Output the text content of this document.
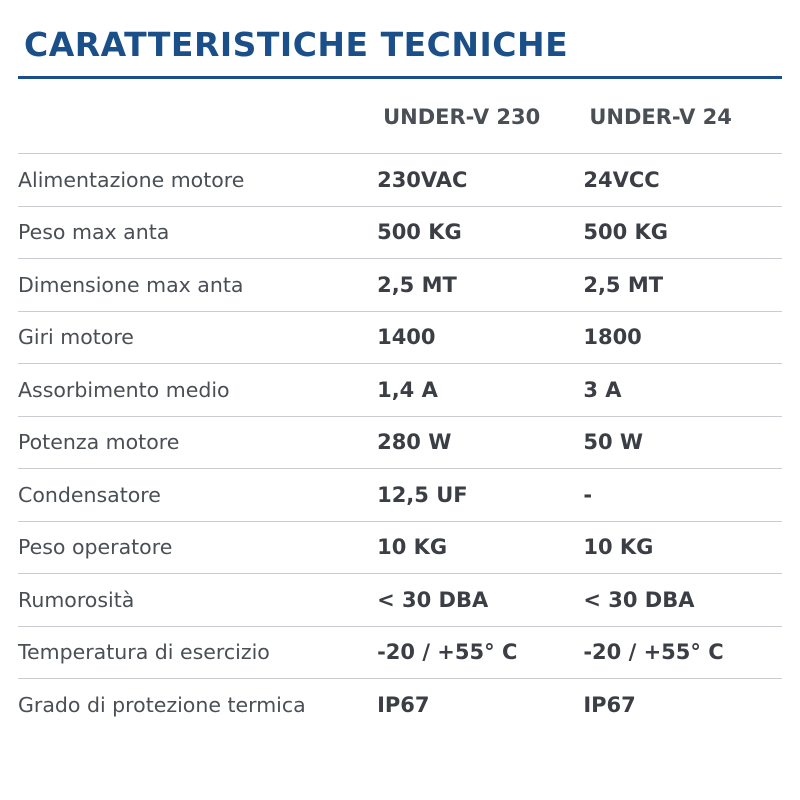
CARATTERISTICHE TECNICHE
	UNDER-V 230	UNDER-V 24
Alimentazione motore	230VAC	24VCC
Peso max anta	500 KG	500 KG
Dimensione max anta	2,5 MT	2,5 MT
Giri motore	1400	1800
Assorbimento medio	1,4 A	3 A
Potenza motore	280 W	50 W
Condensatore	12,5 UF	-
Peso operatore	10 KG	10 KG
Rumorosità	< 30 DBA	< 30 DBA
Temperatura di esercizio	-20 / +55° C	-20 / +55° C
Grado di protezione termica	IP67	IP67
